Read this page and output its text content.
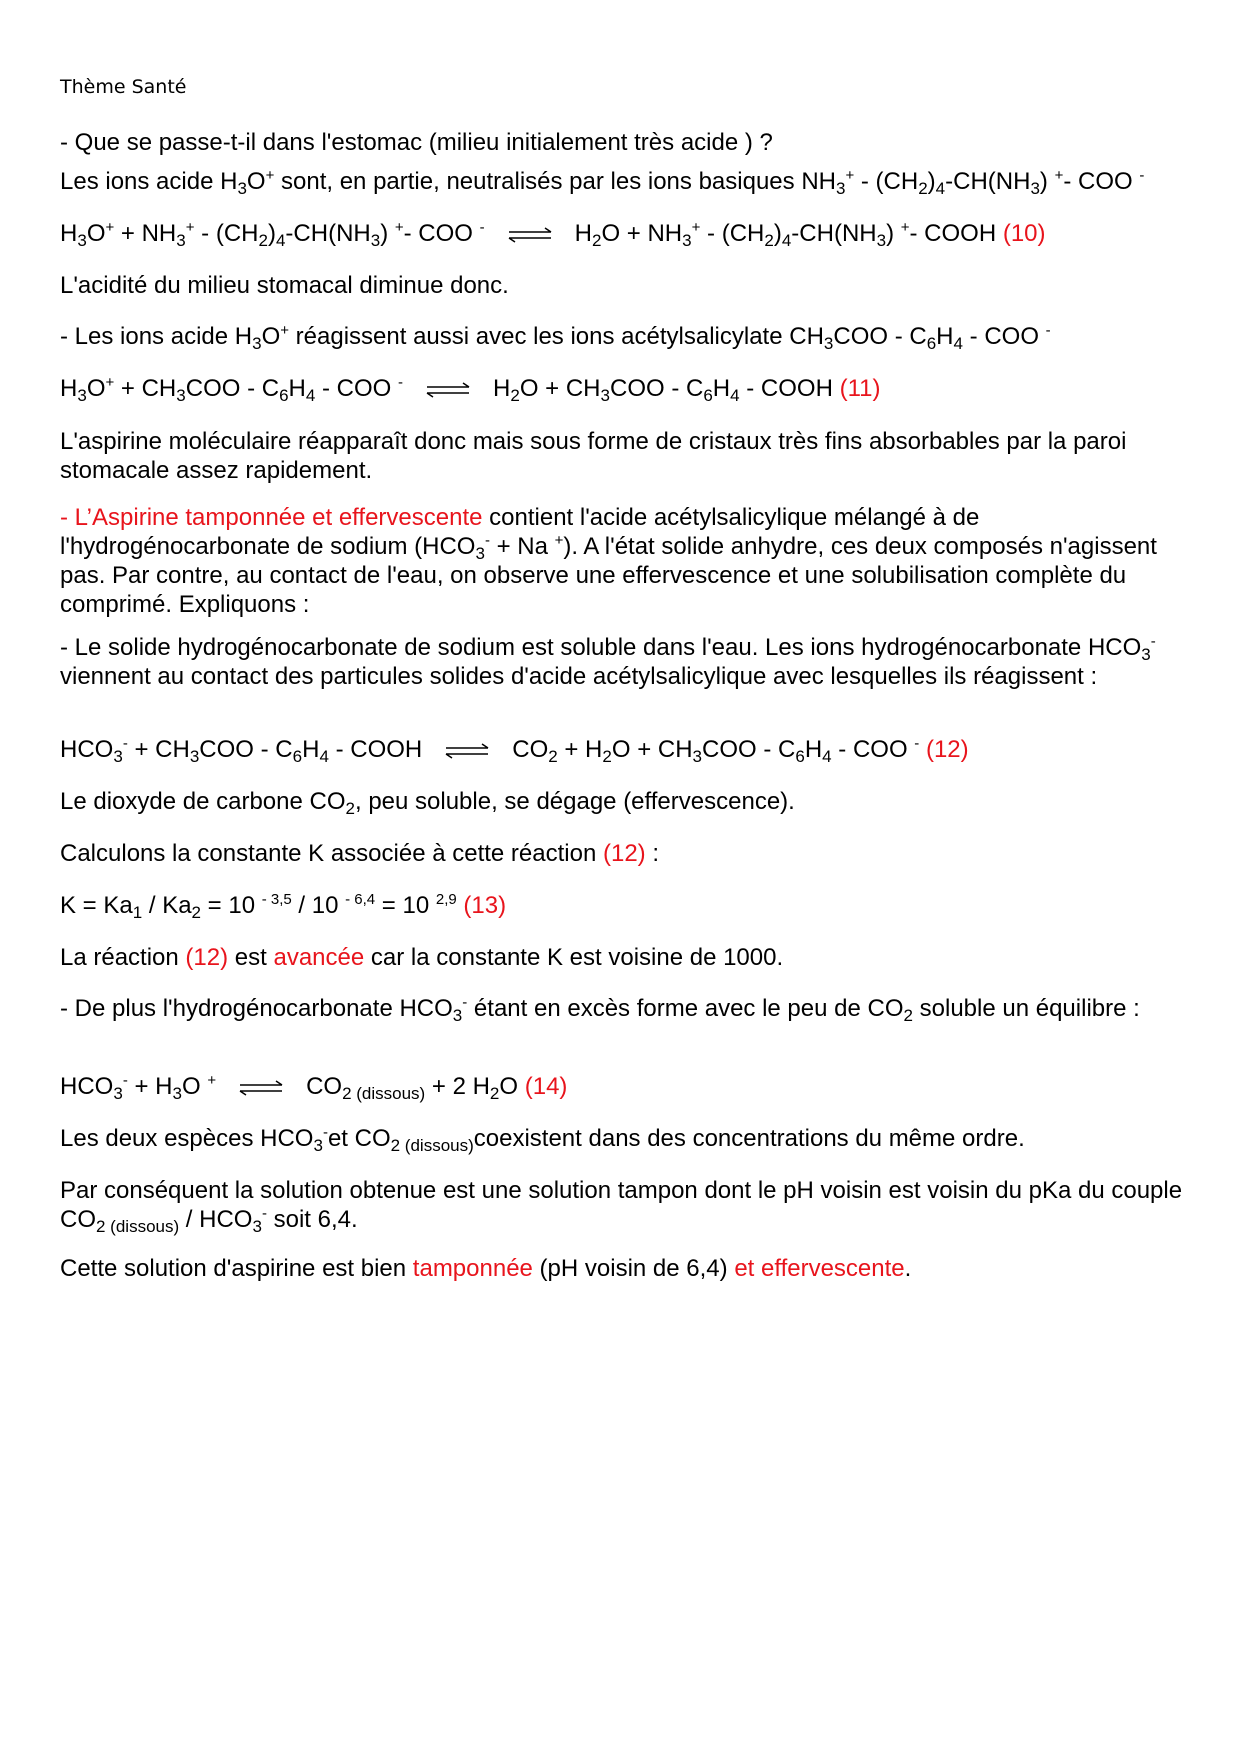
Thème Santé
- Que se passe-t-il dans l'estomac (milieu initialement très acide ) ?
Les ions acide $H_3O^+$ sont, en partie, neutralisés par les ions basiques $NH_3^+ - (CH_2)_4-CH(NH_3)$ +- COO -
$H_3O^+ + NH_3^+ - (CH_2)_4-CH(NH_3)$ +- COO - ⇌ $H_2O + NH_3^+ - (CH_2)_4-CH(NH_3)$ +- COOH (10)
L'acidité du milieu stomacal diminue donc.
- Les ions acide $H_3O^+$ réagissent aussi avec les ions acétylsalicylate $CH_3COO - C_6H_4$ - COO -
$H_3O^+ + CH_3COO - C_6H_4$ - COO - ⇌ $H_2O + CH_3COO - C_6H_4$ - COOH (11)
L'aspirine moléculaire réapparaît donc mais sous forme de cristaux très fins absorbables par la paroi stomacale assez rapidement.
- L’Aspirine tamponnée et effervescente contient l'acide acétylsalicylique mélangé à de l'hydrogénocarbonate de sodium ($HCO_3^- + Na$ +). A l'état solide anhydre, ces deux composés n'agissent pas. Par contre, au contact de l'eau, on observe une effervescence et une solubilisation complète du comprimé. Expliquons :
- Le solide hydrogénocarbonate de sodium est soluble dans l'eau. Les ions hydrogénocarbonate $HCO_3^-$ viennent au contact des particules solides d'acide acétylsalicylique avec lesquelles ils réagissent :
$HCO_3^- + CH_3COO - C_6H_4$ - COOH ⇌ $CO_2 + H_2O + CH_3COO - C_6H_4$ - COO - (12)
Le dioxyde de carbone $CO_2$, peu soluble, se dégage (effervescence).
Calculons la constante K associée à cette réaction (12) :
$K = Ka_1 / Ka_2 = 10$ $^{- 3,5}$ / 10 $^{- 6,4}$ = 10 $^{2,9}$ (13)
La réaction (12) est avancée car la constante K est voisine de 1000.
- De plus l'hydrogénocarbonate $HCO_3^-$ étant en excès forme avec le peu de $CO_2$ soluble un équilibre :
$HCO_3^- + H_3O$ + ⇌ $CO_{2 (dissous)} + 2$ $H_2O$ (14)
Les deux espèces $HCO_3^-et$ $CO_{2 (dissous)}coexistent$ dans des concentrations du même ordre.
Par conséquent la solution obtenue est une solution tampon dont le pH voisin est voisin du pKa du couple $CO_{2 (dissous)} / HCO_3^-$ soit 6,4.
Cette solution d'aspirine est bien tamponnée (pH voisin de 6,4) et effervescente.
